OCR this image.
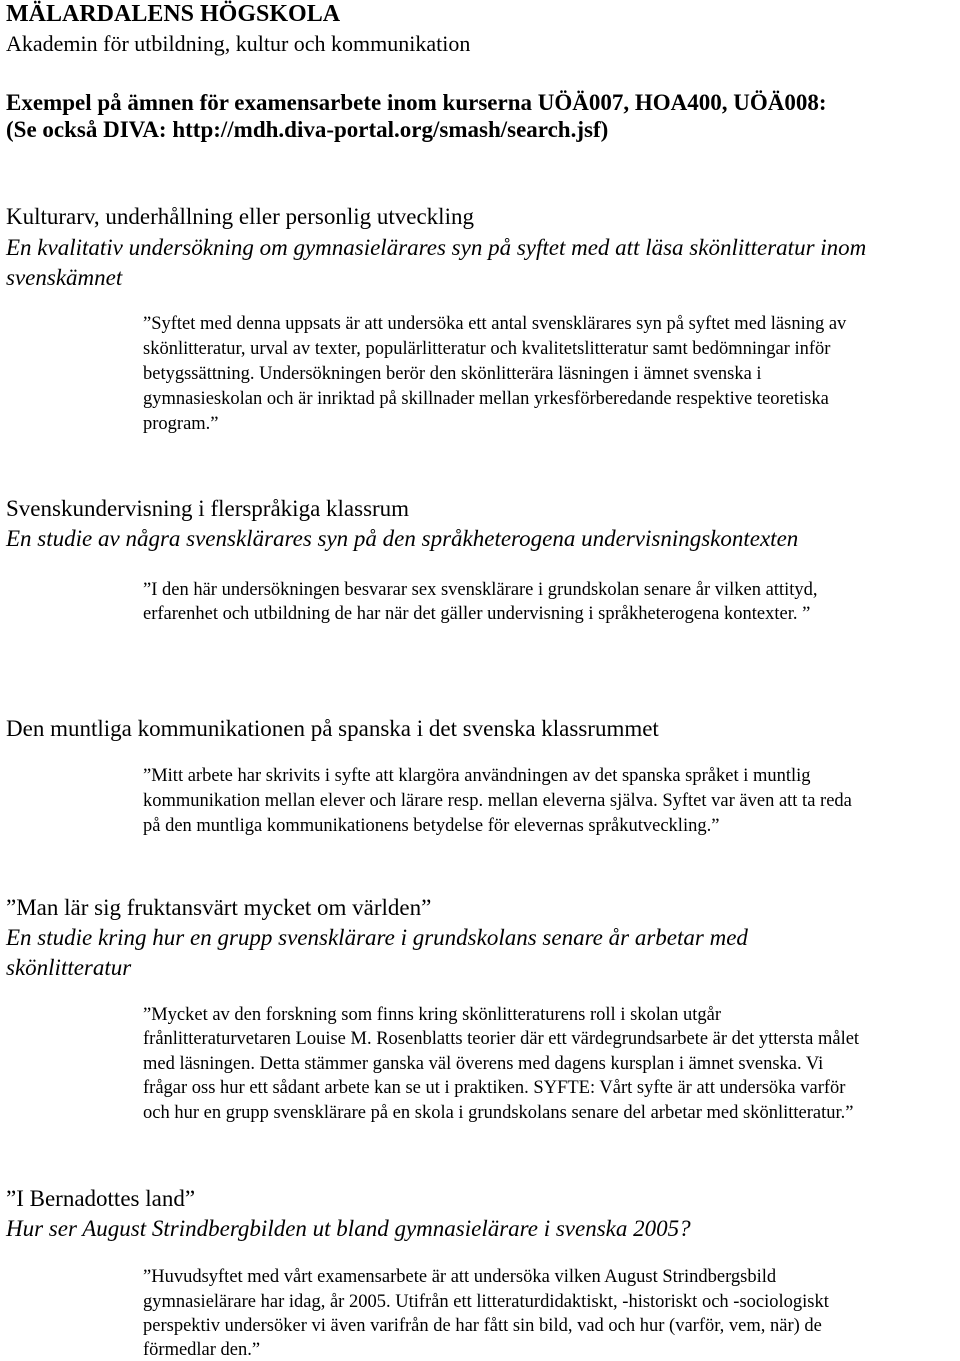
MÄLARDALENS HÖGSKOLA
Akademin för utbildning, kultur och kommunikation
Exempel på ämnen för examensarbete inom kurserna UÖÄ007, HOA400, UÖÄ008:
(Se också DIVA: http://mdh.diva-portal.org/smash/search.jsf)
Kulturarv, underhållning eller personlig utveckling
En kvalitativ undersökning om gymnasielärares syn på syftet med att läsa skönlitteratur inom
svenskämnet
”Syftet med denna uppsats är att undersöka ett antal svensklärares syn på syftet med läsning av
skönlitteratur, urval av texter, populärlitteratur och kvalitetslitteratur samt bedömningar inför
betygssättning. Undersökningen berör den skönlitterära läsningen i ämnet svenska i
gymnasieskolan och är inriktad på skillnader mellan yrkesförberedande respektive teoretiska
program.”
Svenskundervisning i flerspråkiga klassrum
En studie av några svensklärares syn på den språkheterogena undervisningskontexten
”I den här undersökningen besvarar sex svensklärare i grundskolan senare år vilken attityd,
erfarenhet och utbildning de har när det gäller undervisning i språkheterogena kontexter. ”
Den muntliga kommunikationen på spanska i det svenska klassrummet
”Mitt arbete har skrivits i syfte att klargöra användningen av det spanska språket i muntlig
kommunikation mellan elever och lärare resp. mellan eleverna själva. Syftet var även att ta reda
på den muntliga kommunikationens betydelse för elevernas språkutveckling.”
”Man lär sig fruktansvärt mycket om världen”
En studie kring hur en grupp svensklärare i grundskolans senare år arbetar med
skönlitteratur
”Mycket av den forskning som finns kring skönlitteraturens roll i skolan utgår
frånlitteraturvetaren Louise M. Rosenblatts teorier där ett värdegrundsarbete är det yttersta målet
med läsningen. Detta stämmer ganska väl överens med dagens kursplan i ämnet svenska. Vi
frågar oss hur ett sådant arbete kan se ut i praktiken. SYFTE: Vårt syfte är att undersöka varför
och hur en grupp svensklärare på en skola i grundskolans senare del arbetar med skönlitteratur.”
”I Bernadottes land”
Hur ser August Strindbergbilden ut bland gymnasielärare i svenska 2005?
”Huvudsyftet med vårt examensarbete är att undersöka vilken August Strindbergsbild
gymnasielärare har idag, år 2005. Utifrån ett litteraturdidaktiskt, -historiskt och -sociologiskt
perspektiv undersöker vi även varifrån de har fått sin bild, vad och hur (varför, vem, när) de
förmedlar den.”
